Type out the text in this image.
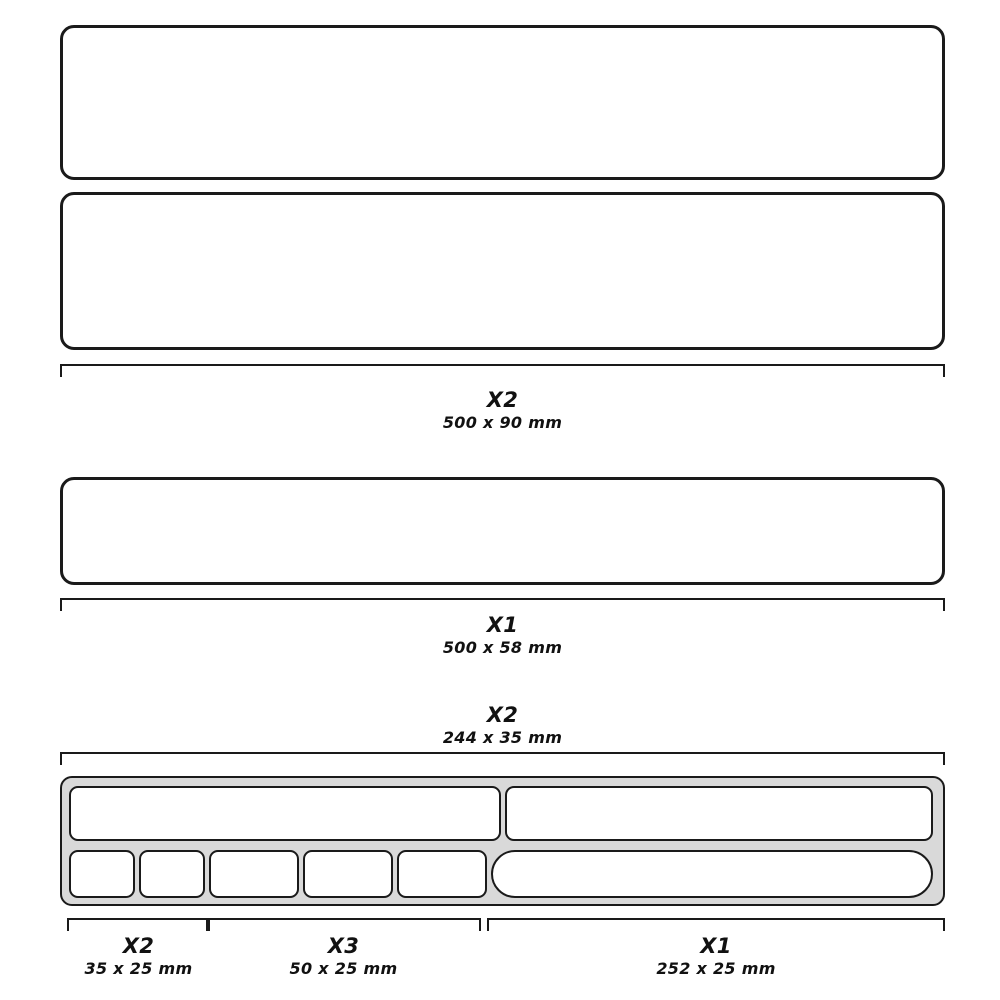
X2
500 x 90 mm
X1
500 x 58 mm
X2
244 x 35 mm
X2
35 x 25 mm
X3
50 x 25 mm
X1
252 x 25 mm
